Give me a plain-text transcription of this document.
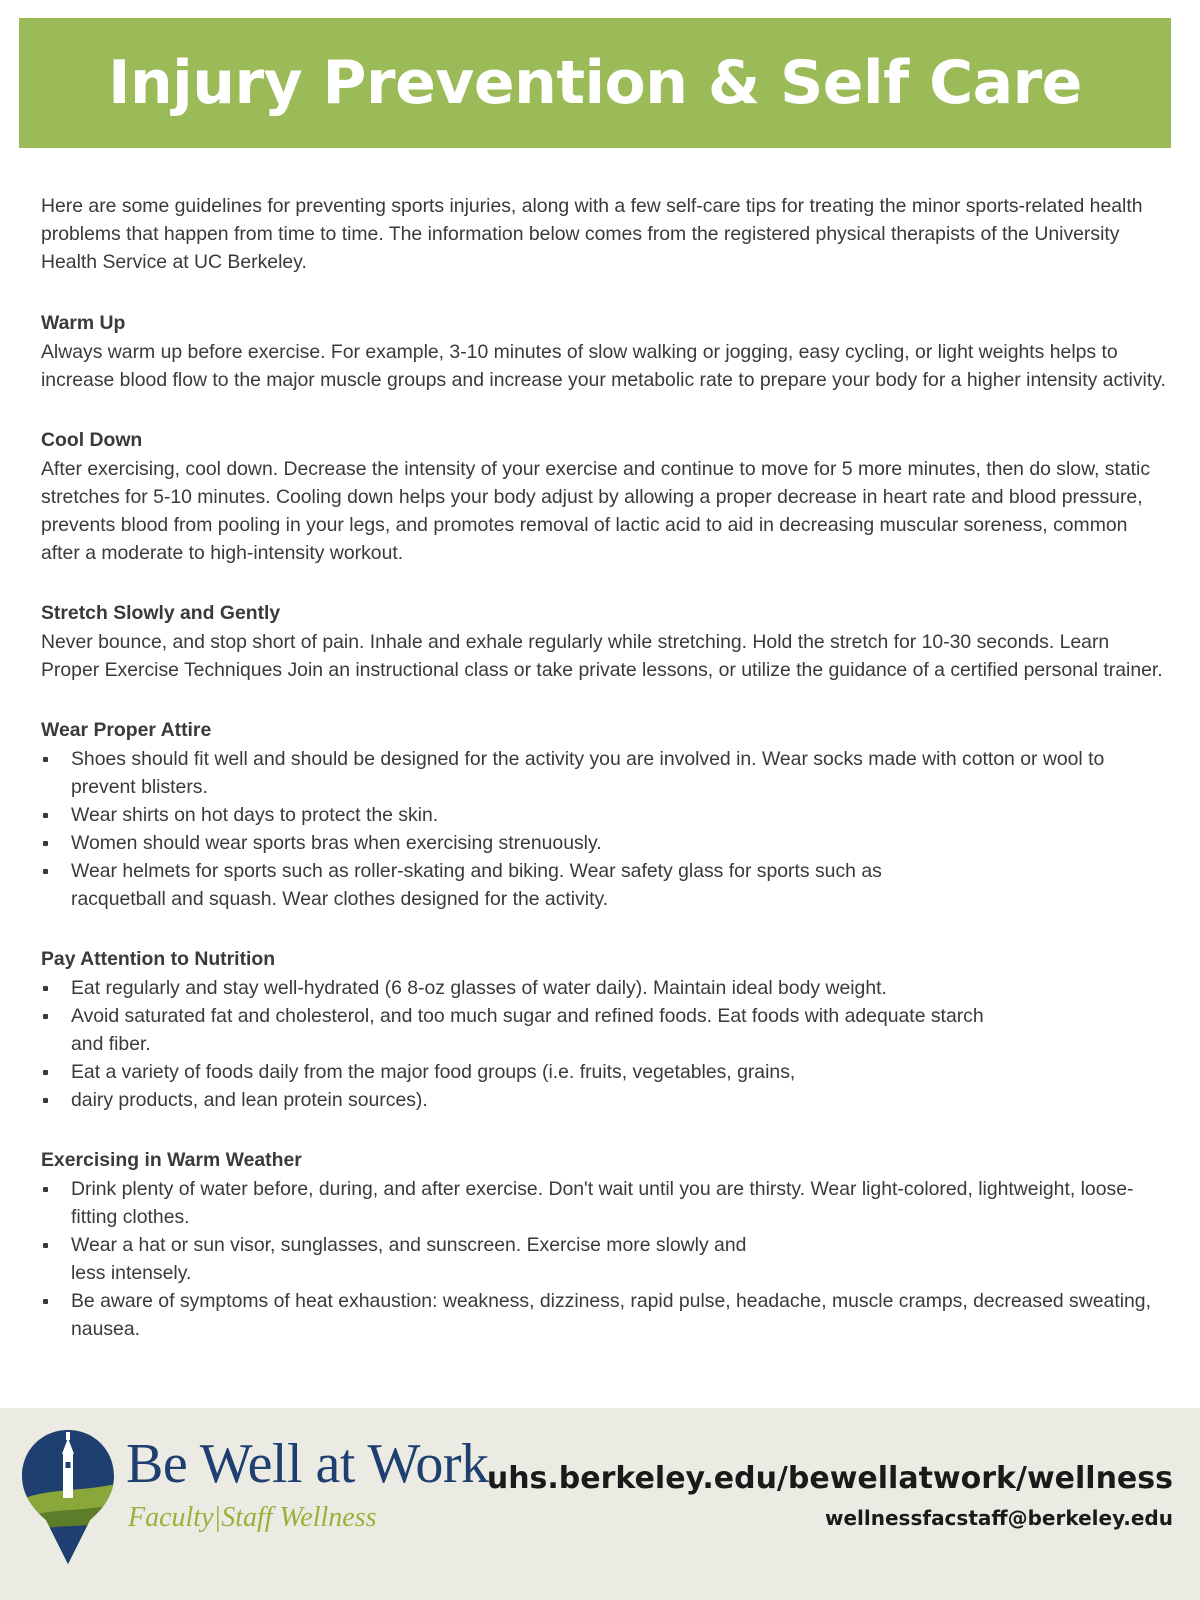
Injury Prevention & Self Care

Here are some guidelines for preventing sports injuries, along with a few self-care tips for treating the minor sports-related health problems that happen from time to time. The information below comes from the registered physical therapists of the University Health Service at UC Berkeley.

Warm Up

Always warm up before exercise. For example, 3-10 minutes of slow walking or jogging, easy cycling, or light weights helps to increase blood flow to the major muscle groups and increase your metabolic rate to prepare your body for a higher intensity activity.

Cool Down

After exercising, cool down. Decrease the intensity of your exercise and continue to move for 5 more minutes, then do slow, static stretches for 5-10 minutes. Cooling down helps your body adjust by allowing a proper decrease in heart rate and blood pressure, prevents blood from pooling in your legs, and promotes removal of lactic acid to aid in decreasing muscular soreness, common after a moderate to high-intensity workout.

Stretch Slowly and Gently

Never bounce, and stop short of pain. Inhale and exhale regularly while stretching. Hold the stretch for 10-30 seconds. Learn Proper Exercise Techniques Join an instructional class or take private lessons, or utilize the guidance of a certified personal trainer.

Wear Proper Attire
Shoes should fit well and should be designed for the activity you are involved in. Wear socks made with cotton or wool to prevent blisters.
Wear shirts on hot days to protect the skin.
Women should wear sports bras when exercising strenuously.
Wear helmets for sports such as roller-skating and biking. Wear safety glass for sports such as racquetball and squash. Wear clothes designed for the activity.
Pay Attention to Nutrition
Eat regularly and stay well-hydrated (6 8-oz glasses of water daily). Maintain ideal body weight.
Avoid saturated fat and cholesterol, and too much sugar and refined foods. Eat foods with adequate starch and fiber.
Eat a variety of foods daily from the major food groups (i.e. fruits, vegetables, grains,
dairy products, and lean protein sources).
Exercising in Warm Weather
Drink plenty of water before, during, and after exercise. Don't wait until you are thirsty. Wear light-colored, lightweight, loose-fitting clothes.
Wear a hat or sun visor, sunglasses, and sunscreen. Exercise more slowly and less intensely.
Be aware of symptoms of heat exhaustion: weakness, dizziness, rapid pulse, headache, muscle cramps, decreased sweating, nausea.
Be Well at Work
Faculty|Staff Wellness
uhs.berkeley.edu/bewellatwork/wellness
wellnessfacstaff@berkeley.edu
